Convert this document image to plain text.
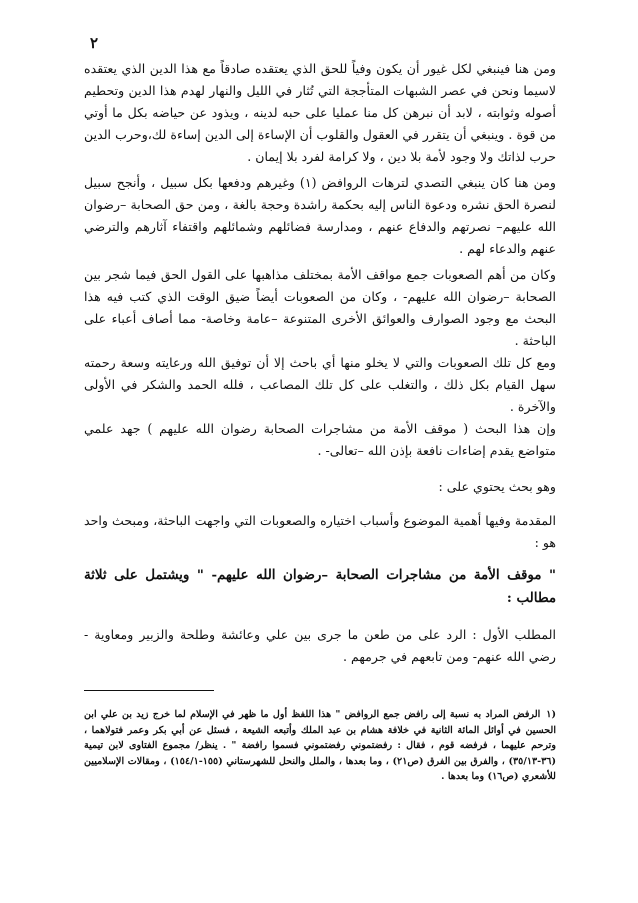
٢

ومن هنا فينبغي لكل غيور أن يكون وفياً للحق الذي يعتقده صادقاً مع هذا الدين الذي يعتقده لاسيما ونحن في عصر الشبهات المتأججة التي تُثار في الليل والنهار لهدم هذا الدين وتحطيم أصوله وثوابته ، لابد أن نبرهن كل منا عمليا على حبه لدينه ، ويذود عن حياضه بكل ما أوتي من قوة . وينبغي أن يتقرر في العقول والقلوب أن الإساءة إلى الدين إساءة لك،وحرب الدين حرب لذاتك ولا وجود لأمة بلا دين ، ولا كرامة لفرد بلا إيمان .

ومن هنا كان ينبغي التصدي لترهات الروافض (١) وغيرهم ودفعها بكل سبيل ، وأنجح سبيل لنصرة الحق نشره ودعوة الناس إليه بحكمة راشدة وحجة بالغة ، ومن حق الصحابة –رضوان الله عليهم– نصرتهم والدفاع عنهم ، ومدارسة فضائلهم وشمائلهم واقتفاء آثارهم والترضي عنهم والدعاء لهم .

وكان من أهم الصعوبات جمع مواقف الأمة بمختلف مذاهبها على القول الحق فيما شجر بين الصحابة –رضوان الله عليهم- ، وكان من الصعوبات أيضاً ضيق الوقت الذي كتب فيه هذا البحث مع وجود الصوارف والعوائق الأخرى المتنوعة –عامة وخاصة- مما أصاف أعباء على الباحثة .

ومع كل تلك الصعوبات والتي لا يخلو منها أي باحث إلا أن توفيق الله ورعايته وسعة رحمته سهل القيام بكل ذلك ، والتغلب على كل تلك المصاعب ، فلله الحمد والشكر في الأولى والآخرة .

وإن هذا البحث ( موقف الأمة من مشاجرات الصحابة رضوان الله عليهم ) جهد علمي متواضع يقدم إضاءات نافعة بإذن الله –تعالى- .

وهو بحث يحتوي على :

المقدمة وفيها أهمية الموضوع وأسباب اختياره والصعوبات التي واجهت الباحثة، ومبحث واحد هو :

" موقف الأمة من مشاجرات الصحابة –رضوان الله عليهم- " ويشتمل على ثلاثة مطالب :

المطلب الأول : الرد على من طعن ما جرى بين علي وعائشة وطلحة والزبير ومعاوية - رضي الله عنهم- ومن تابعهم في جرمهم .

(١الرفض المراد به نسبة إلى رافض جمع الروافض " هذا اللفظ أول ما ظهر في الإسلام لما خرج زيد بن علي ابن الحسين في أوائل المائة الثانية في خلافة هشام بن عبد الملك وأتبعه الشيعة ، فسئل عن أبي بكر وعمر فتولاهما ، وترحم عليهما ، فرفضه قوم ، فقال : رفضتموني رفضتموني فسموا رافضة " . ينظر/ مجموع الفتاوى لابن تيمية (٣٦-٣٥/١٣) ، والفرق بين الفرق (ص٢١) ، وما بعدها ، والملل والنحل للشهرستاني (١٥٥-١٥٤/١) ، ومقالات الإسلاميين للأشعري (ص١٦) وما بعدها .
